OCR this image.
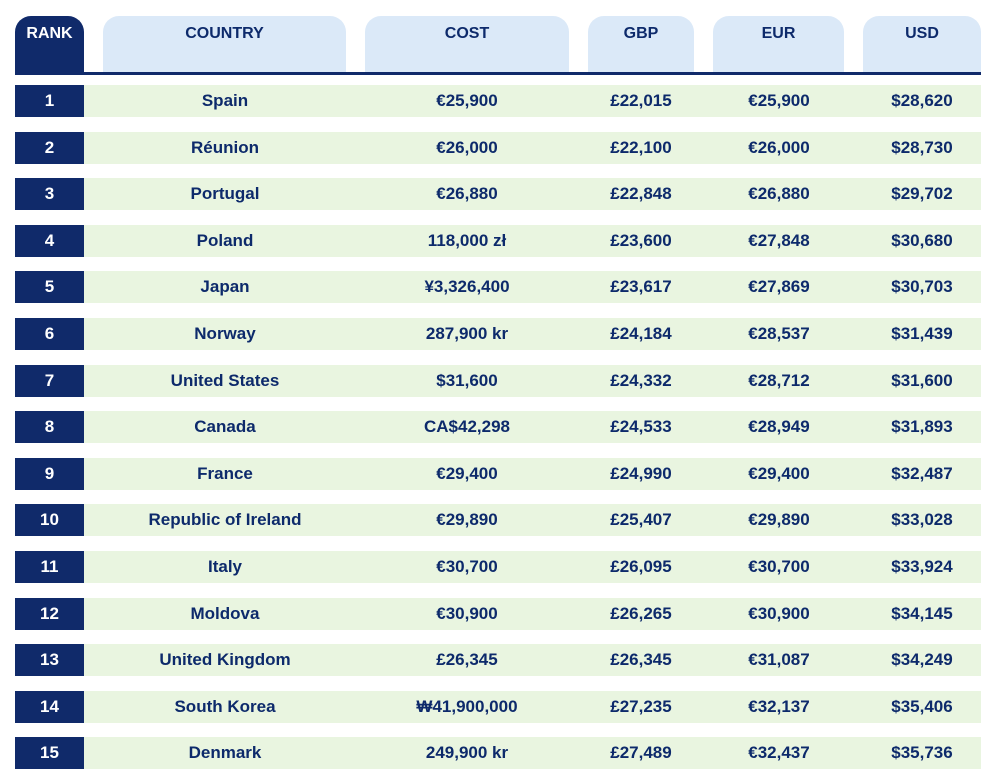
RANK	COUNTRY	COST	GBP	EUR	USD
1	Spain	€25,900	£22,015	€25,900	$28,620
2	Réunion	€26,000	£22,100	€26,000	$28,730
3	Portugal	€26,880	£22,848	€26,880	$29,702
4	Poland	118,000 zł	£23,600	€27,848	$30,680
5	Japan	¥3,326,400	£23,617	€27,869	$30,703
6	Norway	287,900 kr	£24,184	€28,537	$31,439
7	United States	$31,600	£24,332	€28,712	$31,600
8	Canada	CA$42,298	£24,533	€28,949	$31,893
9	France	€29,400	£24,990	€29,400	$32,487
10	Republic of Ireland	€29,890	£25,407	€29,890	$33,028
11	Italy	€30,700	£26,095	€30,700	$33,924
12	Moldova	€30,900	£26,265	€30,900	$34,145
13	United Kingdom	£26,345	£26,345	€31,087	$34,249
14	South Korea	₩41,900,000	£27,235	€32,137	$35,406
15	Denmark	249,900 kr	£27,489	€32,437	$35,736
